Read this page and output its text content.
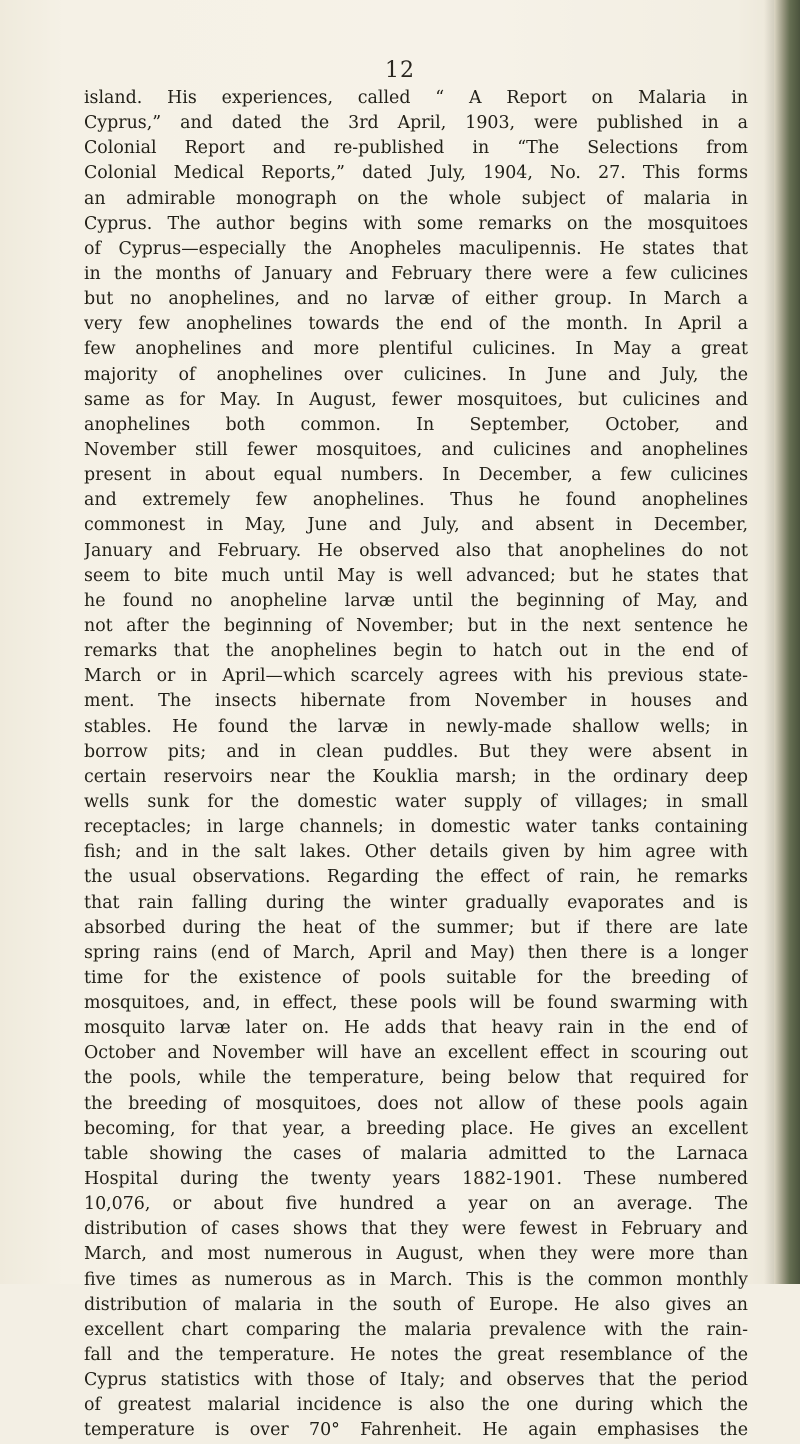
12
island. His experiences, called “ A Report on Malaria in
Cyprus,” and dated the 3rd April, 1903, were published in a
Colonial Report and re-published in “The Selections from
Colonial Medical Reports,” dated July, 1904, No. 27. This forms
an admirable monograph on the whole subject of malaria in
Cyprus. The author begins with some remarks on the mosquitoes
of Cyprus—especially the Anopheles maculipennis. He states that
in the months of January and February there were a few culicines
but no anophelines, and no larvæ of either group. In March a
very few anophelines towards the end of the month. In April a
few anophelines and more plentiful culicines. In May a great
majority of anophelines over culicines. In June and July, the
same as for May. In August, fewer mosquitoes, but culicines and
anophelines both common. In September, October, and
November still fewer mosquitoes, and culicines and anophelines
present in about equal numbers. In December, a few culicines
and extremely few anophelines. Thus he found anophelines
commonest in May, June and July, and absent in December,
January and February. He observed also that anophelines do not
seem to bite much until May is well advanced; but he states that
he found no anopheline larvæ until the beginning of May, and
not after the beginning of November; but in the next sentence he
remarks that the anophelines begin to hatch out in the end of
March or in April—which scarcely agrees with his previous state-
ment. The insects hibernate from November in houses and
stables. He found the larvæ in newly-made shallow wells; in
borrow pits; and in clean puddles. But they were absent in
certain reservoirs near the Kouklia marsh; in the ordinary deep
wells sunk for the domestic water supply of villages; in small
receptacles; in large channels; in domestic water tanks containing
fish; and in the salt lakes. Other details given by him agree with
the usual observations. Regarding the effect of rain, he remarks
that rain falling during the winter gradually evaporates and is
absorbed during the heat of the summer; but if there are late
spring rains (end of March, April and May) then there is a longer
time for the existence of pools suitable for the breeding of
mosquitoes, and, in effect, these pools will be found swarming with
mosquito larvæ later on. He adds that heavy rain in the end of
October and November will have an excellent effect in scouring out
the pools, while the temperature, being below that required for
the breeding of mosquitoes, does not allow of these pools again
becoming, for that year, a breeding place. He gives an excellent
table showing the cases of malaria admitted to the Larnaca
Hospital during the twenty years 1882-1901. These numbered
10,076, or about five hundred a year on an average. The
distribution of cases shows that they were fewest in February and
March, and most numerous in August, when they were more than
five times as numerous as in March. This is the common monthly
distribution of malaria in the south of Europe. He also gives an
excellent chart comparing the malaria prevalence with the rain-
fall and the temperature. He notes the great resemblance of the
Cyprus statistics with those of Italy; and observes that the period
of greatest malarial incidence is also the one during which the
temperature is over 70° Fahrenheit. He again emphasises the
